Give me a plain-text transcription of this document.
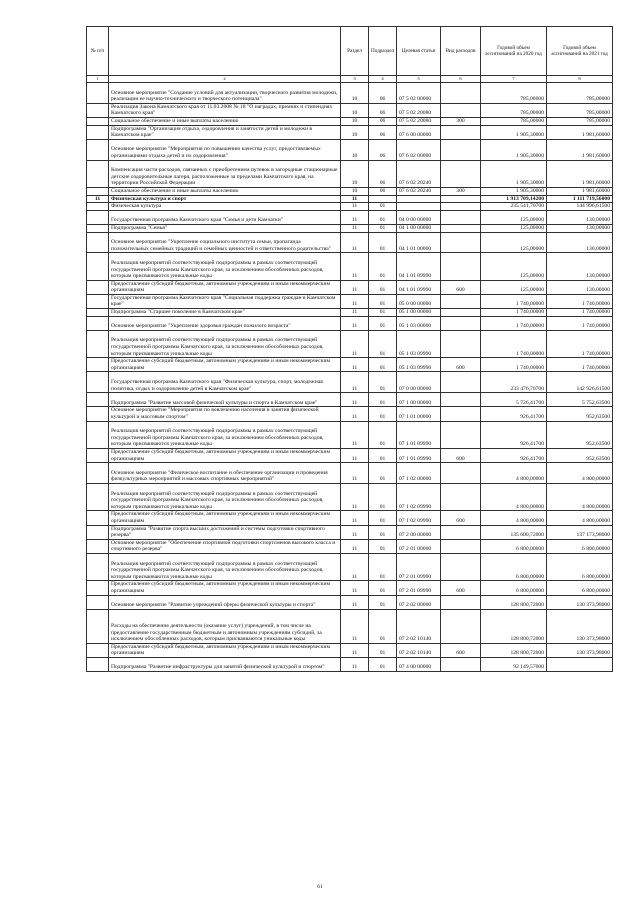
№ п/п		Раздел	Подраздел	Целевая статья	Вид расходов	Годовой объем ассигнований на 2020 год	Годовой объем ассигнований на 2021 год
1	2	3	4	5	6	7	8
	Основное мероприятие "Создание условий для актуализации, творческого развития молодежи, реализации ее научно-технического и творческого потенциала"	10	06	07 5 02 00000		785,00000	785,00000
	Реализация Закона Камчатского края от 11.03.2008 № 18 "О наградах, премиях и стипендиях Камчатского края"	10	06	07 5 02 20080		785,00000	785,00000
	Социальное обеспечение и иные выплаты населению	10	06	07 5 02 20080	300	785,00000	785,00000
	Подпрограмма "Организация отдыха, оздоровления и занятости детей и молодежи в Камчатском крае"	10	06	07 6 00 00000		1 905,30000	1 981,60000
	Основное мероприятие "Мероприятия по повышению качества услуг, предоставляемых организациями отдыха детей и их оздоровления"	10	06	07 6 02 00000		1 905,30000	1 981,60000
	Компенсация части расходов, связанных с приобретением путевок в загородные стационарные детские оздоровительные лагеря, расположенные за пределами Камчатского края, на территории Российской Федерации	10	06	07 6 02 20240		1 905,30000	1 981,60000
	Социальное обеспечение и иные выплаты населению	10	06	07 6 02 20240	300	1 905,30000	1 981,60000
11	Физическая культура и спорт	11				1 913 709,14200	1 111 719,56000
	Физическая культура	11	01			235 541,70700	144 996,61500
	Государственная программа Камчатского края "Семья и дети Камчатки"	11	01	04 0 00 00000		125,00000	130,00000
	Подпрограмма "Семья"	11	01	04 1 00 00000		125,00000	130,00000
	Основное мероприятие "Укрепление социального института семьи, пропаганда положительных семейных традиций и семейных ценностей и ответственного родительства"	11	01	04 1 01 00000		125,00000	130,00000
	Реализация мероприятий соответствующей подпрограммы в рамках соответствующей государственной программы Камчатского края, за исключением обособленных расходов, которым присваиваются уникальные коды	11	01	04 1 01 09990		125,00000	130,00000
	Предоставление субсидий бюджетным, автономным учреждениям и иным некоммерческим организациям	11	01	04 1 01 09990	600	125,00000	130,00000
	Государственная программа Камчатского края "Социальная поддержка граждан в Камчатском крае"	11	01	05 0 00 00000		1 740,00000	1 740,00000
	Подпрограмма "Старшее поколение в Камчатском крае"	11	01	05 1 00 00000		1 740,00000	1 740,00000
	Основное мероприятие "Укрепление здоровья граждан пожилого возраста"	11	01	05 1 03 00000		1 740,00000	1 740,00000
	Реализация мероприятий соответствующей подпрограммы в рамках соответствующей государственной программы Камчатского края, за исключением обособленных расходов, которым присваиваются уникальные коды	11	01	05 1 03 09990		1 740,00000	1 740,00000
	Предоставление субсидий бюджетным, автономным учреждениям и иным некоммерческим организациям	11	01	05 1 03 09990	600	1 740,00000	1 740,00000
	Государственная программа Камчатского края "Физическая культура, спорт, молодежная политика, отдых и оздоровление детей в Камчатском крае"	11	01	07 0 00 00000		233 476,70700	142 926,61500
	Подпрограмма "Развитие массовой физической культуры и спорта в Камчатском крае"	11	01	07 1 00 00000		5 726,41700	5 752,63500
	Основное мероприятие "Мероприятия по вовлечению населения в занятия физической культурой и массовым спортом"	11	01	07 1 01 00000		926,41700	952,63500
	Реализация мероприятий соответствующей подпрограммы в рамках соответствующей государственной программы Камчатского края, за исключением обособленных расходов, которым присваиваются уникальные коды	11	01	07 1 01 09990		926,41700	952,63500
	Предоставление субсидий бюджетным, автономным учреждениям и иным некоммерческим организациям	11	01	07 1 01 09990	600	926,41700	952,63500
	Основное мероприятие "Физическое воспитание и обеспечение организации и проведения физкультурных мероприятий и массовых спортивных мероприятий"	11	01	07 1 02 00000		4 800,00000	4 800,00000
	Реализация мероприятий соответствующей подпрограммы в рамках соответствующей государственной программы Камчатского края, за исключением обособленных расходов, которым присваиваются уникальные коды	11	01	07 1 02 09990		4 800,00000	4 800,00000
	Предоставление субсидий бюджетным, автономным учреждениям и иным некоммерческим организациям	11	01	07 1 02 09990	600	4 800,00000	4 800,00000
	Подпрограмма "Развитие спорта высших достижений и системы подготовки спортивного резерва"	11	01	07 2 00 00000		135 600,72000	137 173,98000
	Основное мероприятие "Обеспечение спортивной подготовки спортсменов высокого класса и спортивного резерва"	11	01	07 2 01 00000		6 800,00000	6 800,00000
	Реализация мероприятий соответствующей подпрограммы в рамках соответствующей государственной программы Камчатского края, за исключением обособленных расходов, которым присваиваются уникальные коды	11	01	07 2 01 09990		6 800,00000	6 800,00000
	Предоставление субсидий бюджетным, автономным учреждениям и иным некоммерческим организациям	11	01	07 2 01 09990	600	6 800,00000	6 800,00000
	Основное мероприятие "Развитие учреждений сферы физической культуры и спорта"	11	01	07 2 02 00000		128 800,72000	130 373,98000
	Расходы на обеспечение деятельности (оказание услуг) учреждений, в том числе на предоставление государственным бюджетным и автономным учреждениям субсидий, за исключением обособленных расходов, которым присваиваются уникальные коды	11	01	07 2 02 10140		128 800,72000	130 373,98000
	Предоставление субсидий бюджетным, автономным учреждениям и иным некоммерческим организациям	11	01	07 2 02 10140	600	128 800,72000	130 373,98000
	Подпрограмма "Развитие инфраструктуры для занятий физической культурой и спортом"	11	01	07 4 00 00000		92 149,57000	
61
